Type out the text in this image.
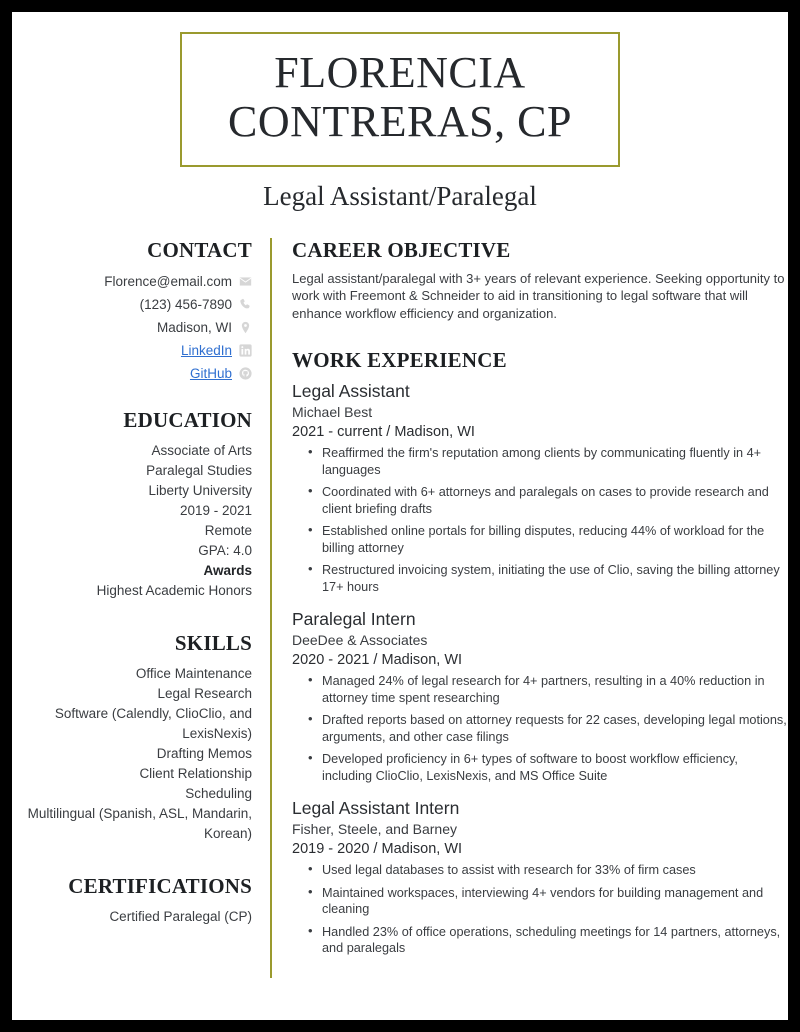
FLORENCIA CONTRERAS, CP
Legal Assistant/Paralegal
CONTACT
Florence@email.com
(123) 456-7890
Madison, WI
LinkedIn
GitHub
EDUCATION
Associate of Arts
Paralegal Studies
Liberty University
2019 - 2021
Remote
GPA: 4.0
Awards
Highest Academic Honors
SKILLS
Office Maintenance
Legal Research
Software (Calendly, ClioClio, and LexisNexis)
Drafting Memos
Client Relationship
Scheduling
Multilingual (Spanish, ASL, Mandarin, Korean)
CERTIFICATIONS
Certified Paralegal (CP)
CAREER OBJECTIVE
Legal assistant/paralegal with 3+ years of relevant experience. Seeking opportunity to work with Freemont & Schneider to aid in transitioning to legal software that will enhance workflow efficiency and organization.
WORK EXPERIENCE
Legal Assistant
Michael Best
2021 - current / Madison, WI
• Reaffirmed the firm's reputation among clients by communicating fluently in 4+ languages
• Coordinated with 6+ attorneys and paralegals on cases to provide research and client briefing drafts
• Established online portals for billing disputes, reducing 44% of workload for the billing attorney
• Restructured invoicing system, initiating the use of Clio, saving the billing attorney 17+ hours
Paralegal Intern
DeeDee & Associates
2020 - 2021 / Madison, WI
• Managed 24% of legal research for 4+ partners, resulting in a 40% reduction in attorney time spent researching
• Drafted reports based on attorney requests for 22 cases, developing legal motions, arguments, and other case filings
• Developed proficiency in 6+ types of software to boost workflow efficiency, including ClioClio, LexisNexis, and MS Office Suite
Legal Assistant Intern
Fisher, Steele, and Barney
2019 - 2020 / Madison, WI
• Used legal databases to assist with research for 33% of firm cases
• Maintained workspaces, interviewing 4+ vendors for building management and cleaning
• Handled 23% of office operations, scheduling meetings for 14 partners, attorneys, and paralegals
